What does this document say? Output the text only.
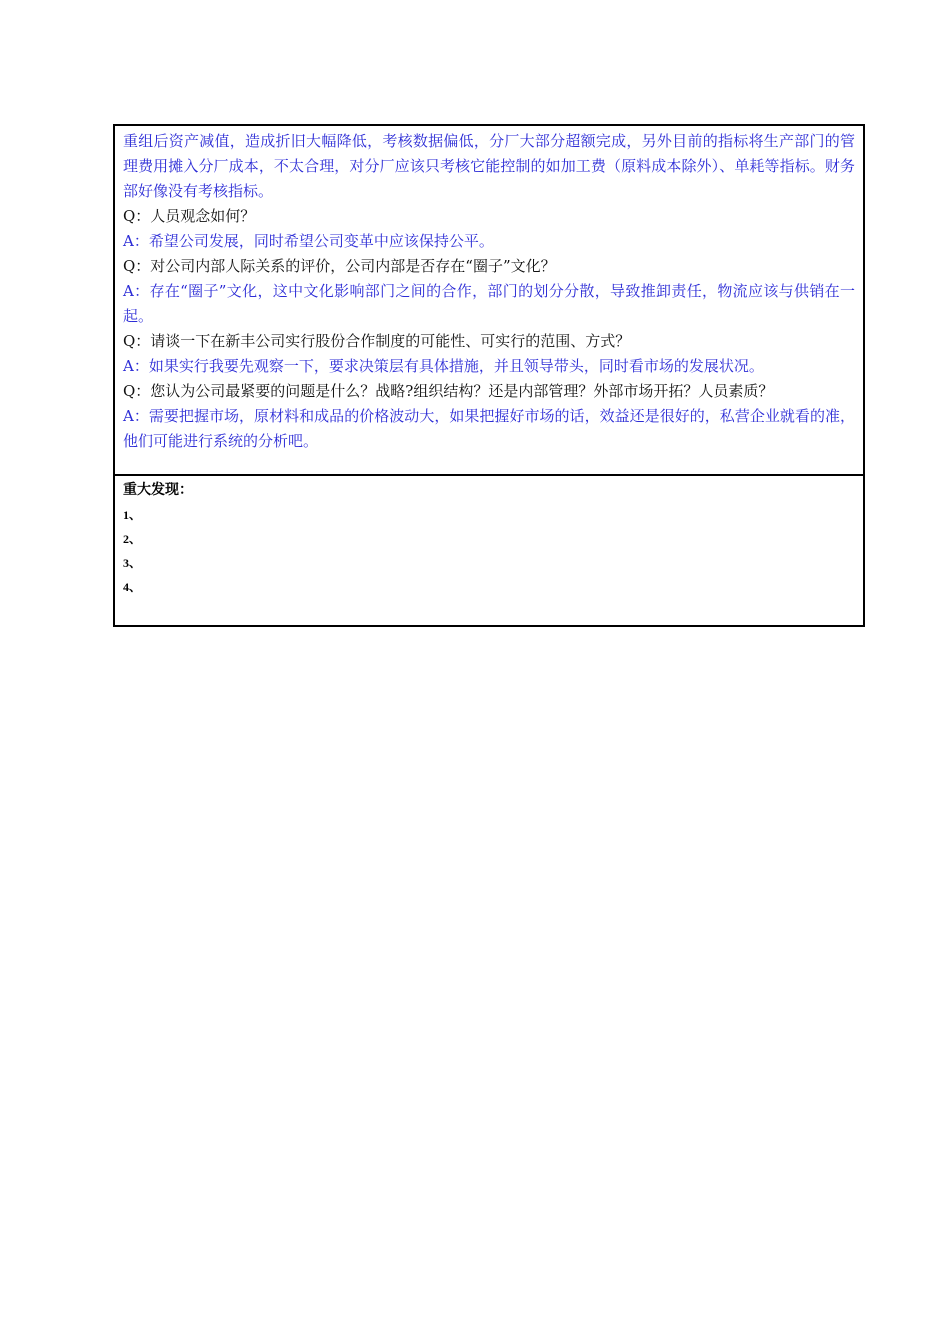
重组后资产减值，造成折旧大幅降低，考核数据偏低，分厂大部分超额完成，另外目前的指标将生产部门的管理费用摊入分厂成本，不太合理，对分厂应该只考核它能控制的如加工费（原料成本除外）、单耗等指标。财务部好像没有考核指标。

Q：人员观念如何？

A：希望公司发展，同时希望公司变革中应该保持公平。

Q：对公司内部人际关系的评价，公司内部是否存在“圈子”文化？

A：存在“圈子”文化，这中文化影响部门之间的合作，部门的划分分散，导致推卸责任，物流应该与供销在一起。

Q：请谈一下在新丰公司实行股份合作制度的可能性、可实行的范围、方式？

A：如果实行我要先观察一下，要求决策层有具体措施，并且领导带头，同时看市场的发展状况。

Q：您认为公司最紧要的问题是什么？战略?组织结构？还是内部管理？外部市场开拓？人员素质？

A：需要把握市场，原材料和成品的价格波动大，如果把握好市场的话，效益还是很好的，私营企业就看的准，他们可能进行系统的分析吧。

重大发现：

1、

2、

3、

4、
